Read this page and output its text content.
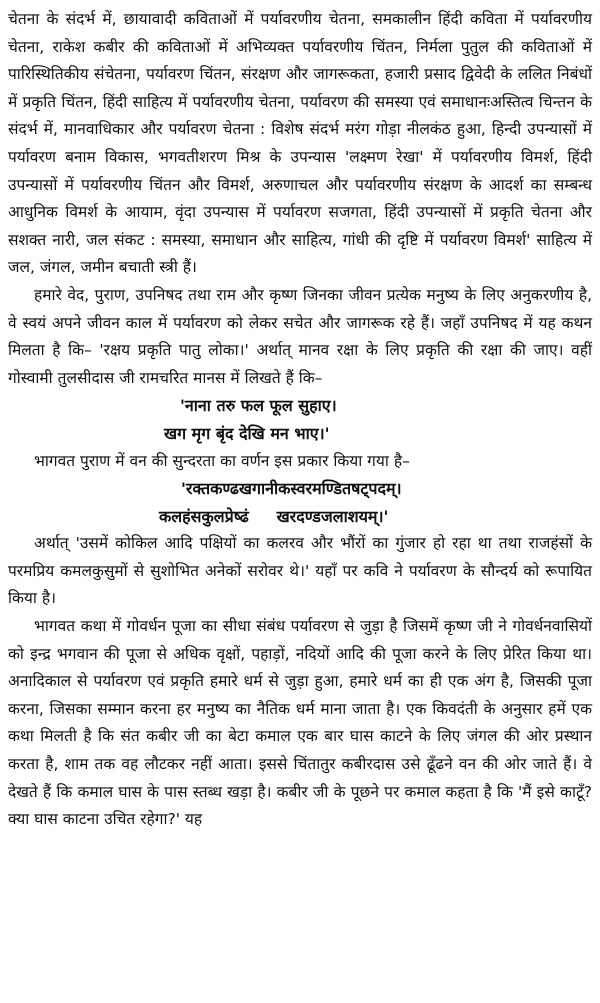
चेतना के संदर्भ में, छायावादी कविताओं में पर्यावरणीय चेतना, समकालीन हिंदी कविता में पर्यावरणीय चेतना, राकेश कबीर की कविताओं में अभिव्यक्त पर्यावरणीय चिंतन, निर्मला पुतुल की कविताओं में पारिस्थितिकीय संचेतना, पर्यावरण चिंतन, संरक्षण और जागरूकता, हजारी प्रसाद द्विवेदी के ललित निबंधों में प्रकृति चिंतन, हिंदी साहित्य में पर्यावरणीय चेतना, पर्यावरण की समस्या एवं समाधानःअस्तित्व चिन्तन के संदर्भ में, मानवाधिकार और पर्यावरण चेतना : विशेष संदर्भ मरंग गोड़ा नीलकंठ हुआ, हिन्दी उपन्यासों में पर्यावरण बनाम विकास, भगवतीशरण मिश्र के उपन्यास 'लक्ष्मण रेखा' में पर्यावरणीय विमर्श, हिंदी उपन्यासों में पर्यावरणीय चिंतन और विमर्श, अरुणाचल और पर्यावरणीय संरक्षण के आदर्श का सम्बन्ध आधुनिक विमर्श के आयाम, वृंदा उपन्यास में पर्यावरण सजगता, हिंदी उपन्यासों में प्रकृति चेतना और सशक्त नारी, जल संकट : समस्या, समाधान और साहित्य, गांधी की दृष्टि में पर्यावरण विमर्श' साहित्य में जल, जंगल, जमीन बचाती स्त्री हैं।

हमारे वेद, पुराण, उपनिषद तथा राम और कृष्ण जिनका जीवन प्रत्येक मनुष्य के लिए अनुकरणीय है, वे स्वयं अपने जीवन काल में पर्यावरण को लेकर सचेत और जागरूक रहे हैं। जहाँ उपनिषद में यह कथन मिलता है कि– 'रक्षय प्रकृति पातु लोका।' अर्थात् मानव रक्षा के लिए प्रकृति की रक्षा की जाए। वहीं गोस्वामी तुलसीदास जी रामचरित मानस में लिखते हैं कि–

'नाना तरु फल फूल सुहाए।

खग मृग बृंद देखि मन भाए।'

भागवत पुराण में वन की सुन्दरता का वर्णन इस प्रकार किया गया है–

'रक्तकण्ढखगानीकस्वरमण्डितषट्पदम्।

कलहंसकुलप्रेष्ढं     खरदण्डजलाशयम्।'

अर्थात् 'उसमें कोकिल आदि पक्षियों का कलरव और भौंरों का गुंजार हो रहा था तथा राजहंसों के परमप्रिय कमलकुसुमों से सुशोभित अनेकों सरोवर थे।' यहाँ पर कवि ने पर्यावरण के सौन्दर्य को रूपायित किया है।

भागवत कथा में गोवर्धन पूजा का सीधा संबंध पर्यावरण से जुड़ा है जिसमें कृष्ण जी ने गोवर्धनवासियों को इन्द्र भगवान की पूजा से अधिक वृक्षों, पहाड़ों, नदियों आदि की पूजा करने के लिए प्रेरित किया था। अनादिकाल से पर्यावरण एवं प्रकृति हमारे धर्म से जुड़ा हुआ, हमारे धर्म का ही एक अंग है, जिसकी पूजा करना, जिसका सम्मान करना हर मनुष्य का नैतिक धर्म माना जाता है। एक किवदंती के अनुसार हमें एक कथा मिलती है कि संत कबीर जी का बेटा कमाल एक बार घास काटने के लिए जंगल की ओर प्रस्थान करता है, शाम तक वह लौटकर नहीं आता। इससे चिंतातुर कबीरदास उसे ढूँढने वन की ओर जाते हैं। वे देखते हैं कि कमाल घास के पास स्तब्ध खड़ा है। कबीर जी के पूछने पर कमाल कहता है कि 'मैं इसे काटूँ? क्या घास काटना उचित रहेगा?' यह
